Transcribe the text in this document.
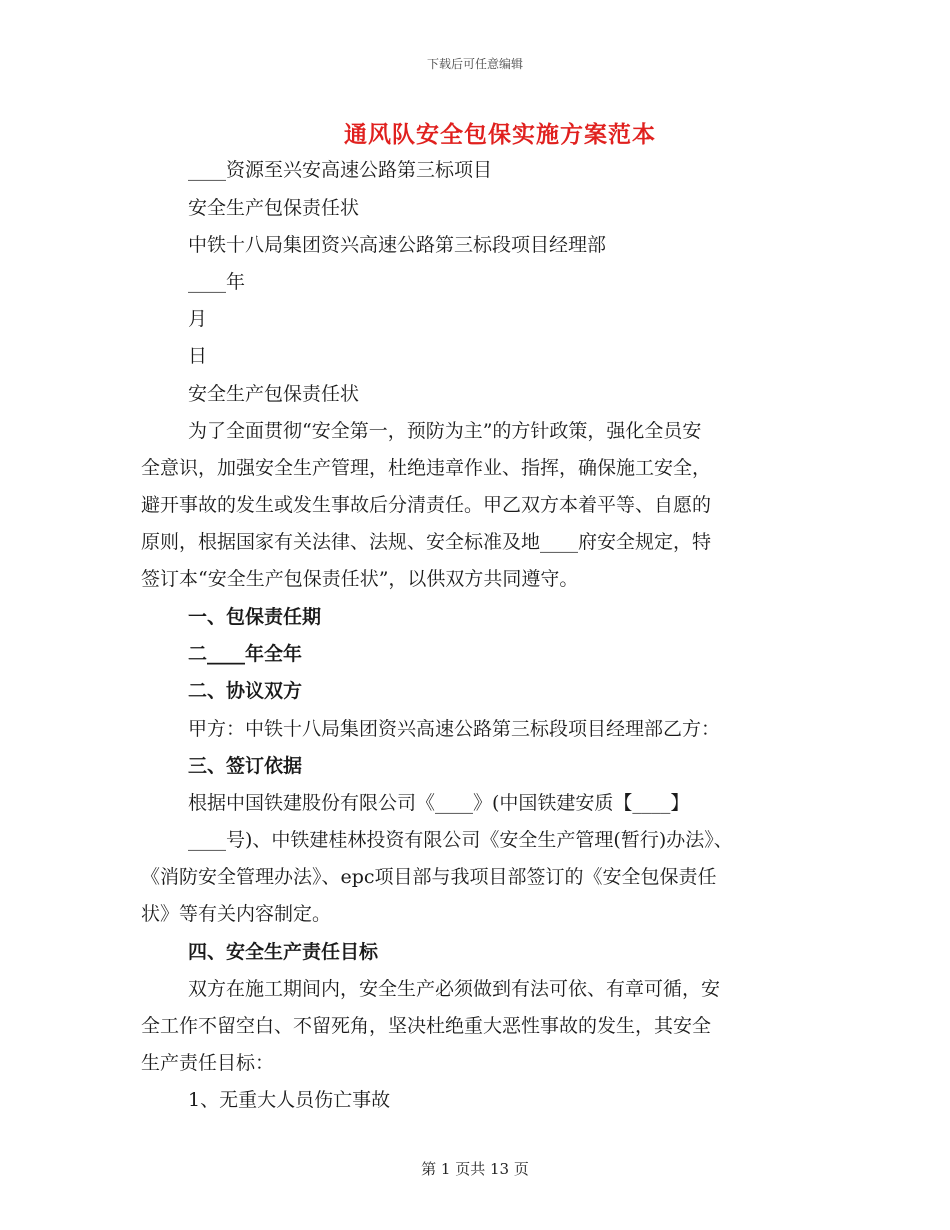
下载后可任意编辑
通风队安全包保实施方案范本
____资源至兴安高速公路第三标项目
安全生产包保责任状
中铁十八局集团资兴高速公路第三标段项目经理部
____年
月
日
安全生产包保责任状
为了全面贯彻“安全第一，预防为主”的方针政策，强化全员安
全意识，加强安全生产管理，杜绝违章作业、指挥，确保施工安全，
避开事故的发生或发生事故后分清责任。甲乙双方本着平等、自愿的
原则，根据国家有关法律、法规、安全标准及地____府安全规定，特
签订本“安全生产包保责任状”，以供双方共同遵守。
一、包保责任期
二____年全年
二、协议双方
甲方：中铁十八局集团资兴高速公路第三标段项目经理部乙方：
三、签订依据
根据中国铁建股份有限公司《____》(中国铁建安质【____】
____号)、中铁建桂林投资有限公司《安全生产管理(暂行)办法》、
《消防安全管理办法》、epc项目部与我项目部签订的《安全包保责任
状》等有关内容制定。
四、安全生产责任目标
双方在施工期间内，安全生产必须做到有法可依、有章可循，安
全工作不留空白、不留死角，坚决杜绝重大恶性事故的发生，其安全
生产责任目标：
1、无重大人员伤亡事故
第 1 页共 13 页
